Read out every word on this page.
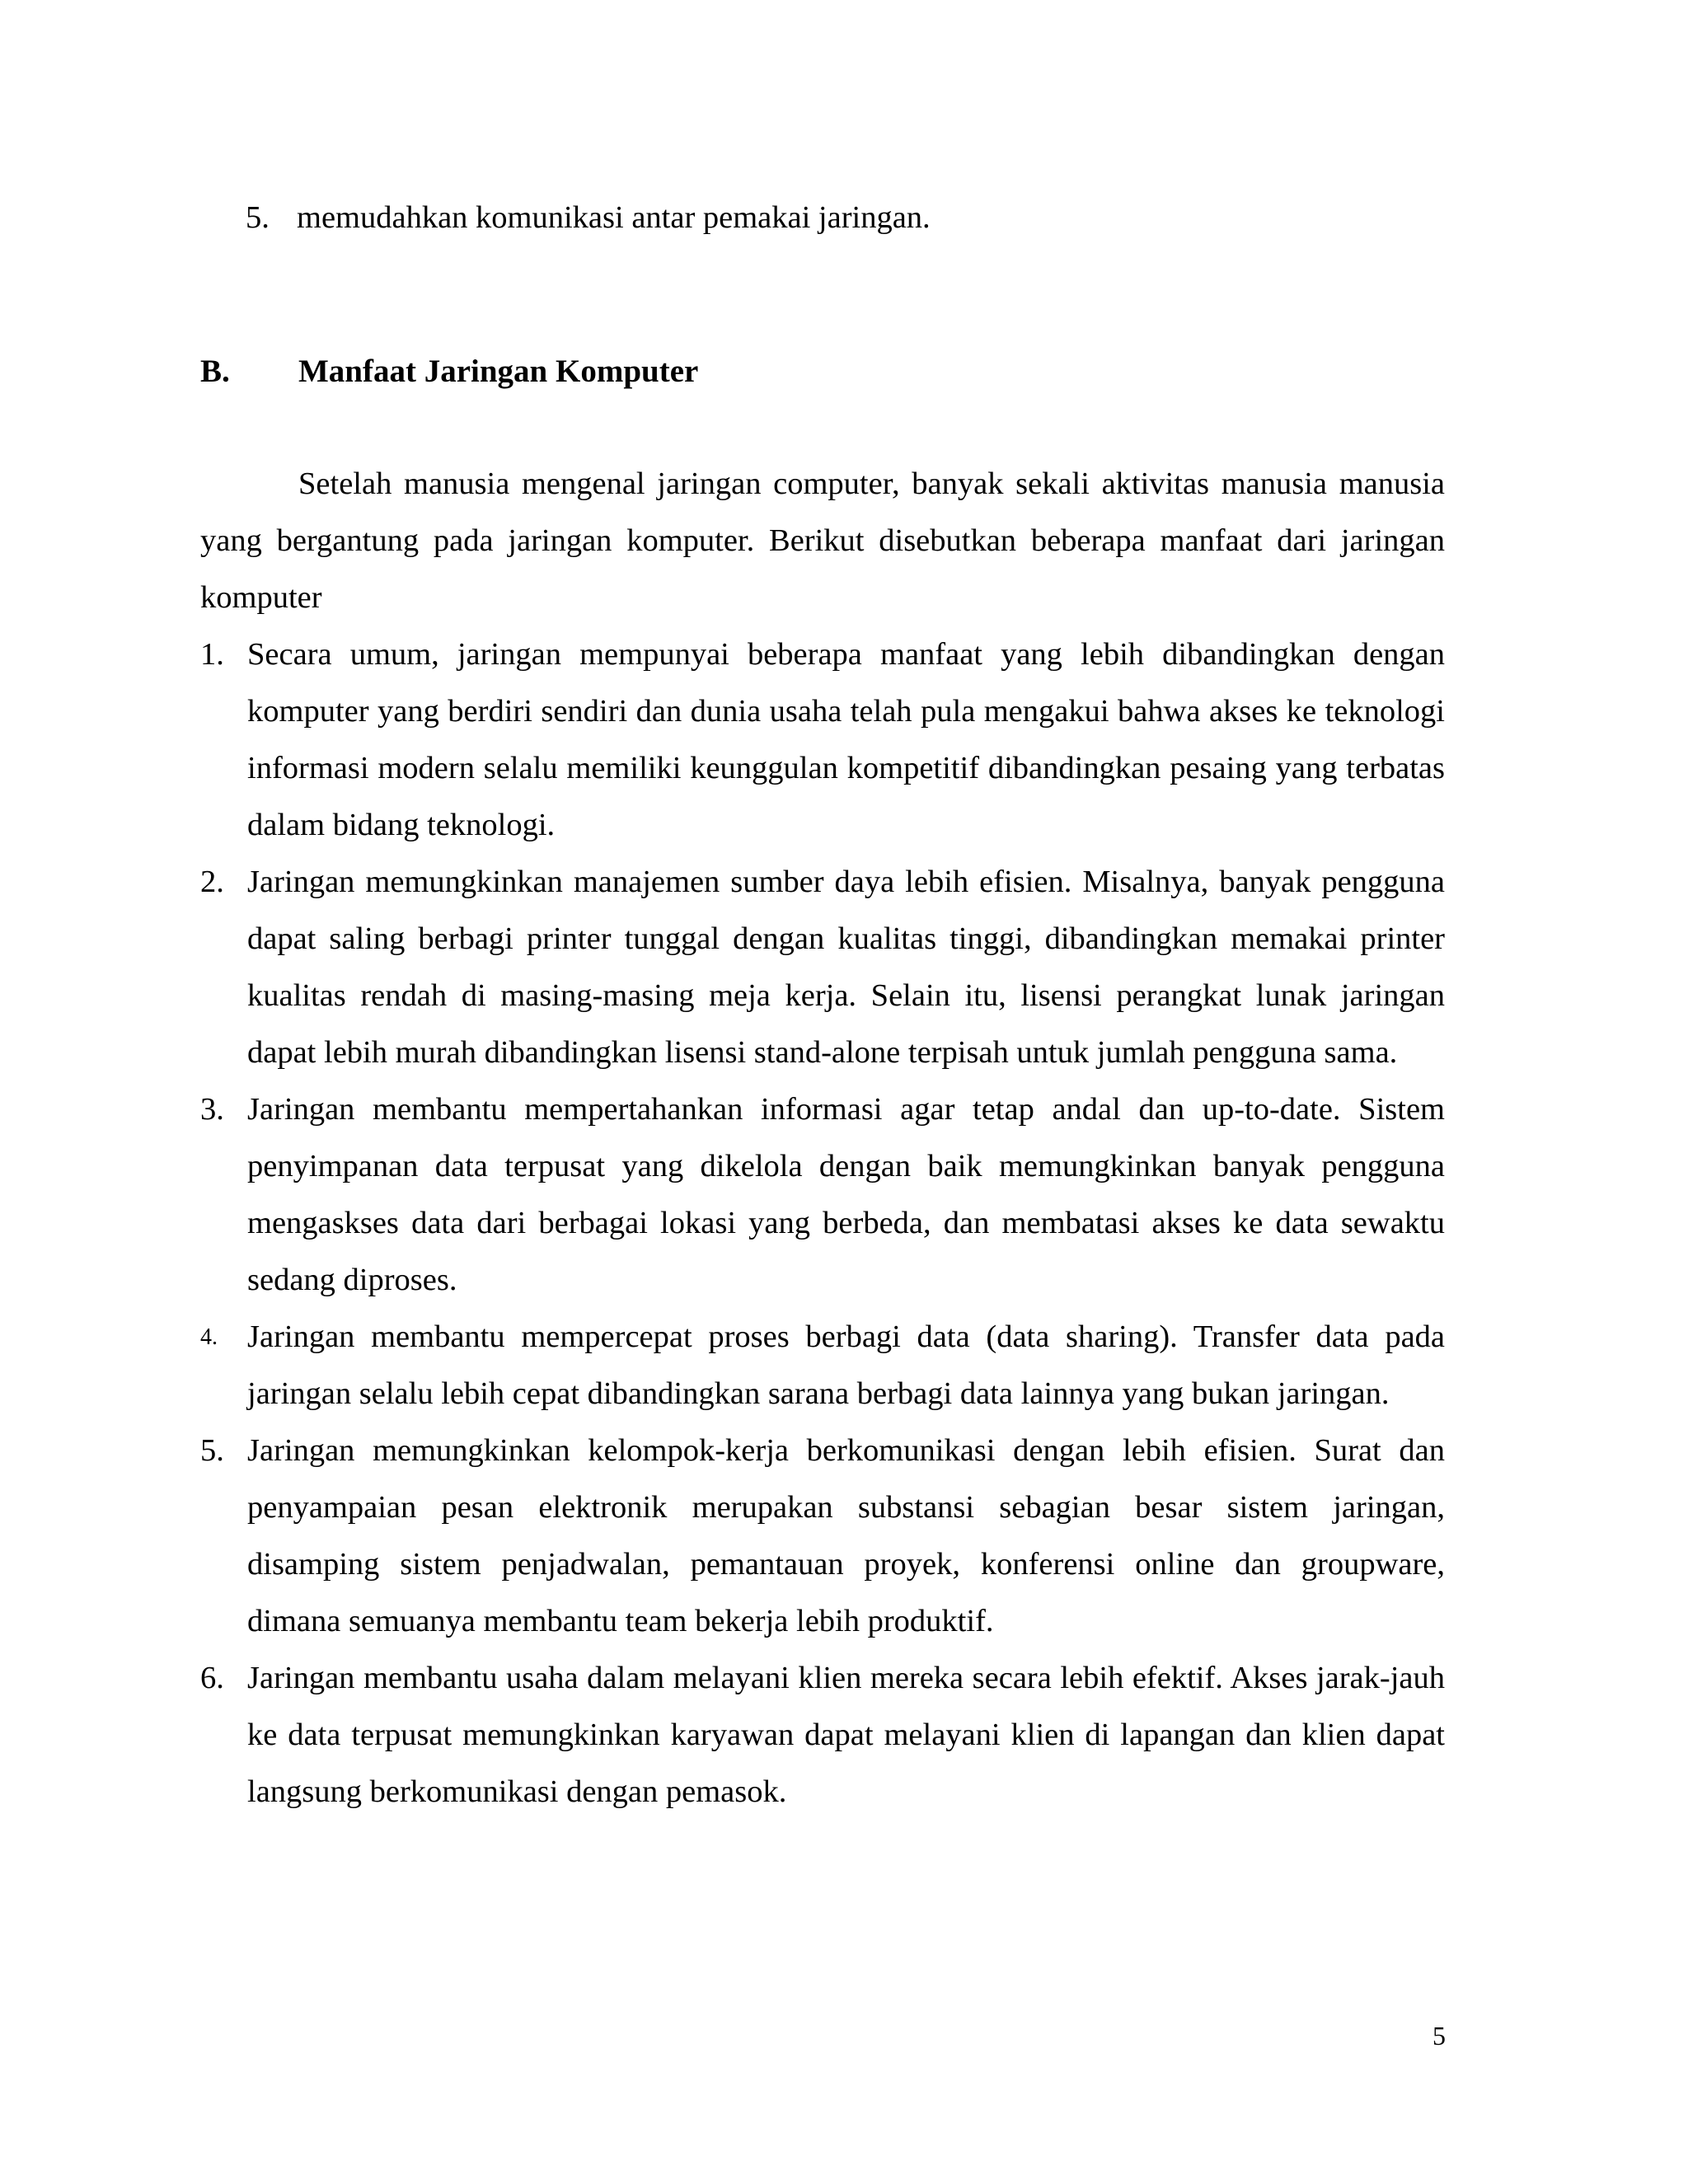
5. memudahkan komunikasi antar pemakai jaringan.
B. Manfaat Jaringan Komputer

Setelah manusia mengenal jaringan computer, banyak sekali aktivitas manusia manusia yang bergantung pada jaringan komputer. Berikut disebutkan beberapa manfaat dari jaringan komputer

1. Secara umum, jaringan mempunyai beberapa manfaat yang lebih dibandingkan dengan komputer yang berdiri sendiri dan dunia usaha telah pula mengakui bahwa akses ke teknologi informasi modern selalu memiliki keunggulan kompetitif dibandingkan pesaing yang terbatas dalam bidang teknologi.
2. Jaringan memungkinkan manajemen sumber daya lebih efisien. Misalnya, banyak pengguna dapat saling berbagi printer tunggal dengan kualitas tinggi, dibandingkan memakai printer kualitas rendah di masing-masing meja kerja. Selain itu, lisensi perangkat lunak jaringan dapat lebih murah dibandingkan lisensi stand-alone terpisah untuk jumlah pengguna sama.
3. Jaringan membantu mempertahankan informasi agar tetap andal dan up-to-date. Sistem penyimpanan data terpusat yang dikelola dengan baik memungkinkan banyak pengguna mengaskses data dari berbagai lokasi yang berbeda, dan membatasi akses ke data sewaktu sedang diproses.
4. Jaringan membantu mempercepat proses berbagi data (data sharing). Transfer data pada jaringan selalu lebih cepat dibandingkan sarana berbagi data lainnya yang bukan jaringan.
5. Jaringan memungkinkan kelompok-kerja berkomunikasi dengan lebih efisien. Surat dan penyampaian pesan elektronik merupakan substansi sebagian besar sistem jaringan, disamping sistem penjadwalan, pemantauan proyek, konferensi online dan groupware, dimana semuanya membantu team bekerja lebih produktif.
6. Jaringan membantu usaha dalam melayani klien mereka secara lebih efektif. Akses jarak-jauh ke data terpusat memungkinkan karyawan dapat melayani klien di lapangan dan klien dapat langsung berkomunikasi dengan pemasok.
5
